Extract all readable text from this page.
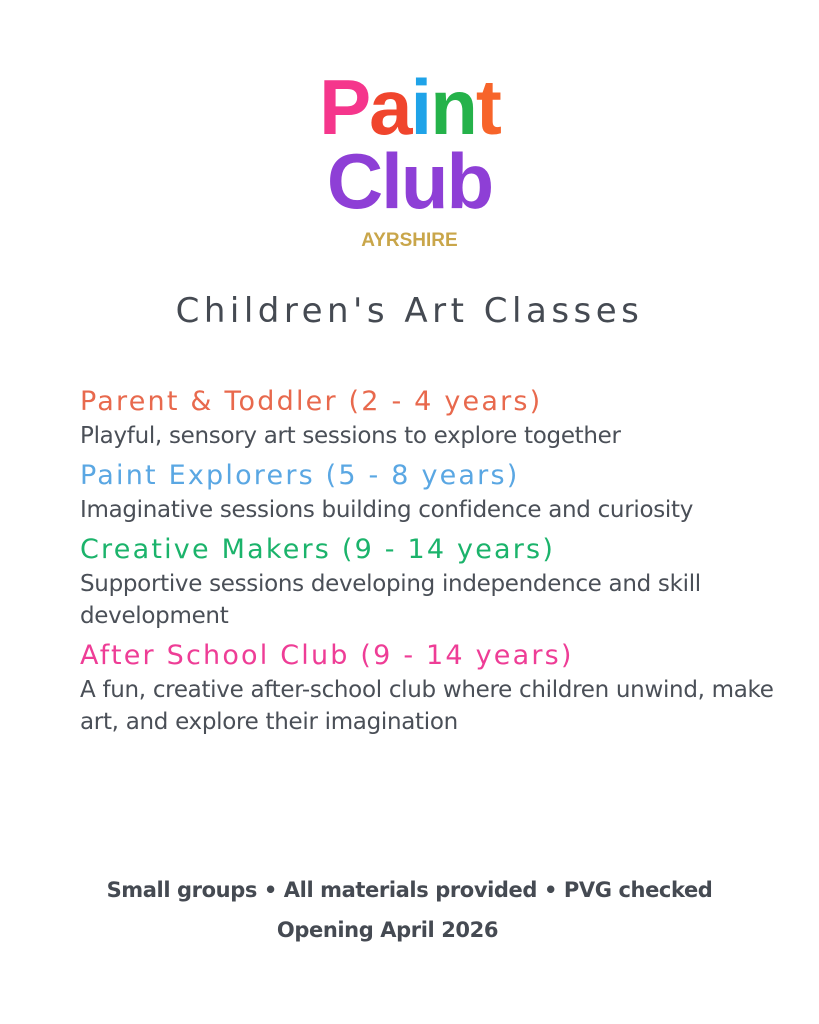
Paint
Club
AYRSHIRE
Children's Art Classes
Parent & Toddler (2 - 4 years)
Playful, sensory art sessions to explore together
Paint Explorers (5 - 8 years)
Imaginative sessions building confidence and curiosity
Creative Makers (9 - 14 years)
Supportive sessions developing independence and skill development
After School Club (9 - 14 years)
A fun, creative after-school club where children unwind, make art, and explore their imagination
Small groups • All materials provided • PVG checked
Opening April 2026
